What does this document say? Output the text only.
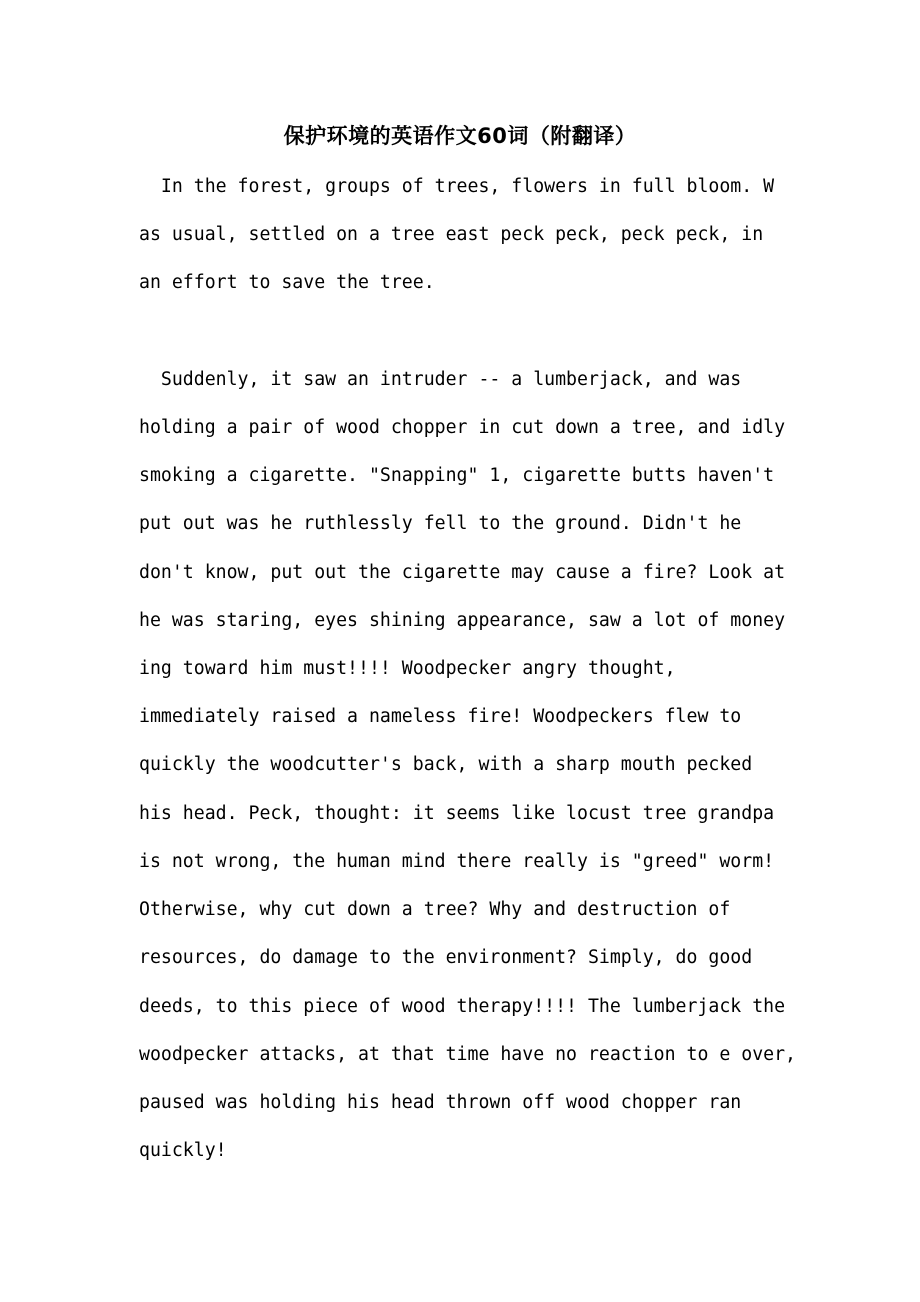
保护环境的英语作文60词（附翻译）
In the forest, groups of trees, flowers in full bloom. W
as usual, settled on a tree east peck peck, peck peck, in
an effort to save the tree.
Suddenly, it saw an intruder -- a lumberjack, and was
holding a pair of wood chopper in cut down a tree, and idly
smoking a cigarette. "Snapping" 1, cigarette butts haven't
put out was he ruthlessly fell to the ground. Didn't he
don't know, put out the cigarette may cause a fire? Look at
he was staring, eyes shining appearance, saw a lot of money
ing toward him must!!!! Woodpecker angry thought,
immediately raised a nameless fire! Woodpeckers flew to
quickly the woodcutter's back, with a sharp mouth pecked
his head. Peck, thought: it seems like locust tree grandpa
is not wrong, the human mind there really is "greed" worm!
Otherwise, why cut down a tree? Why and destruction of
resources, do damage to the environment? Simply, do good
deeds, to this piece of wood therapy!!!! The lumberjack the
woodpecker attacks, at that time have no reaction to e over,
paused was holding his head thrown off wood chopper ran
quickly!
